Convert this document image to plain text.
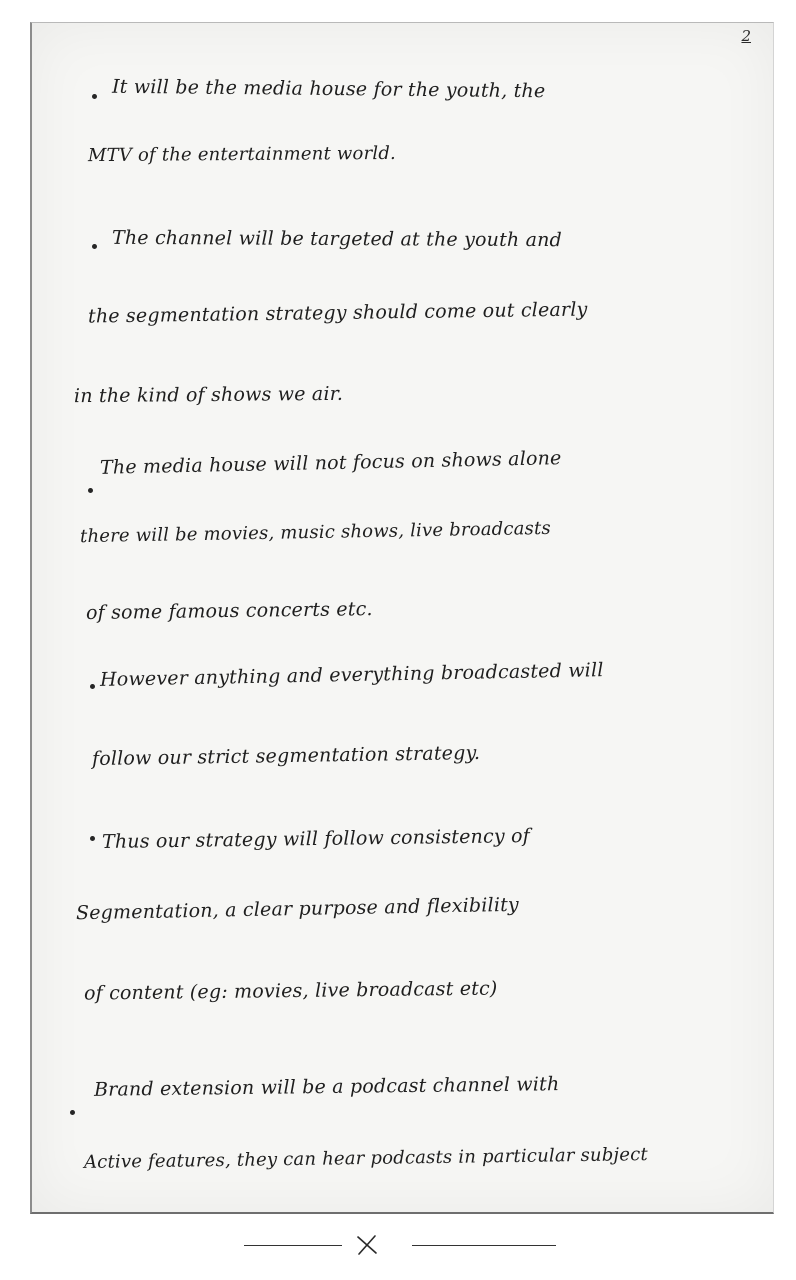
2
It will be the media house for the youth, the
MTV of the entertainment world.
The channel will be targeted at the youth and
the segmentation strategy should come out clearly
in the kind of shows we air.
The media house will not focus on shows alone
there will be movies, music shows, live broadcasts
of some famous concerts etc.
However anything and everything broadcasted will
follow our strict segmentation strategy.
Thus our strategy will follow consistency of
Segmentation, a clear purpose and flexibility
of content (eg: movies, live broadcast etc)
Brand extension will be a podcast channel with
Active features, they can hear podcasts in particular subject
